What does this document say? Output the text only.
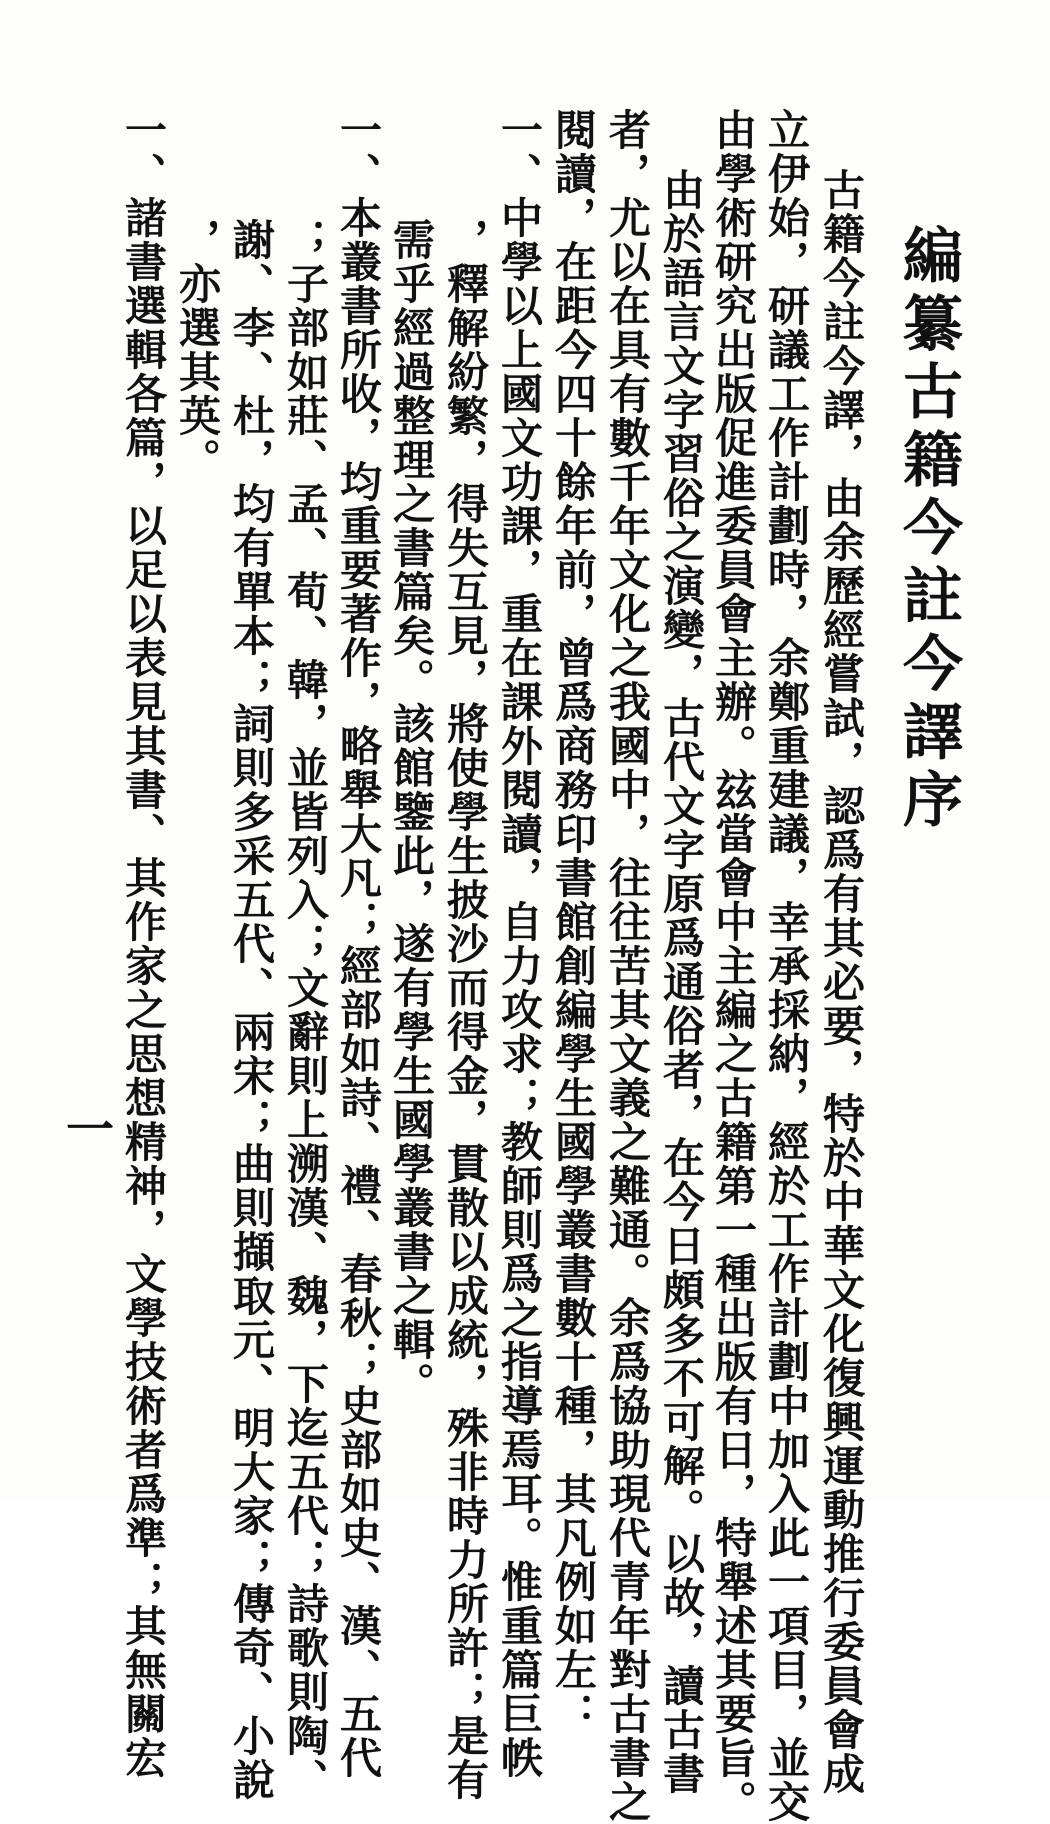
編纂古籍今註今譯序
古籍今註今譯，由余歷經嘗試，認爲有其必要，特於中華文化復興運動推行委員會成
立伊始，研議工作計劃時，余鄭重建議，幸承採納，經於工作計劃中加入此一項目，並交
由學術研究出版促進委員會主辦。玆當會中主編之古籍第一種出版有日，特舉述其要旨。
由於語言文字習俗之演變，古代文字原爲通俗者，在今日頗多不可解。以故，讀古書
者，尤以在具有數千年文化之我國中，往往苦其文義之難通。余爲協助現代青年對古書之
閱讀，在距今四十餘年前，曾爲商務印書館創編學生國學叢書數十種，其凡例如左：
一、中學以上國文功課，重在課外閱讀，自力攻求；教師則爲之指導焉耳。惟重篇巨帙
，釋解紛繁，得失互見，將使學生披沙而得金，貫散以成統，殊非時力所許；是有
需乎經過整理之書篇矣。該館鑒此，遂有學生國學叢書之輯。
一、本叢書所收，均重要著作，略舉大凡；經部如詩、禮、春秋；史部如史、漢、五代
；子部如莊、孟、荀、韓，並皆列入；文辭則上溯漢、魏，下迄五代；詩歌則陶、
謝、李、杜，均有單本；詞則多采五代、兩宋；曲則擷取元、明大家；傳奇、小說
，亦選其英。
一、諸書選輯各篇，以足以表見其書、其作家之思想精神，文學技術者爲準；其無關宏
一
